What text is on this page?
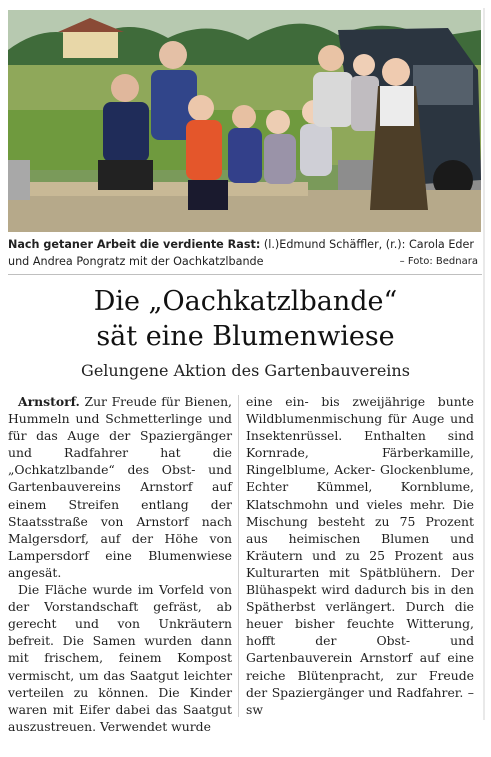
Nach getaner Arbeit die verdiente Rast: (l.)Edmund Schäffler, (r.): Carola Eder und Andrea Pongratz mit der Oachkatzlbande	– Foto: Bednara
Die „Oachkatzlbande“
sät eine Blumenwiese
Gelungene Aktion des Gartenbauvereins

Arnstorf. Zur Freude für Bienen, Hummeln und Schmetterlinge und für das Auge der Spaziergänger und Radfahrer hat die „Ochkatzlbande“ des Obst- und Gartenbauvereins Arnstorf auf einem Streifen entlang der Staatsstraße von Arnstorf nach Malgersdorf, auf der Höhe von Lampersdorf eine Blumenwiese angesät.

Die Fläche wurde im Vorfeld von der Vorstandschaft gefräst, ab gerecht und von Unkräutern befreit. Die Samen wurden dann mit frischem, feinem Kompost vermischt, um das Saatgut leichter verteilen zu können. Die Kinder waren mit Eifer dabei das Saatgut auszustreuen. Verwendet wurde

eine ein- bis zweijährige bunte Wildblumenmischung für Auge und Insektenrüssel. Enthalten sind Kornrade, Färberkamille, Ringelblume, Acker- Glockenblume, Echter Kümmel, Kornblume, Klatschmohn und vieles mehr. Die Mischung besteht zu 75 Prozent aus heimischen Blumen und Kräutern und zu 25 Prozent aus Kulturarten mit Spätblühern. Der Blühaspekt wird dadurch bis in den Spätherbst verlängert. Durch die heuer bisher feuchte Witterung, hofft der Obst- und Gartenbauverein Arnstorf auf eine reiche Blütenpracht, zur Freude der Spaziergänger und Radfahrer. – sw
